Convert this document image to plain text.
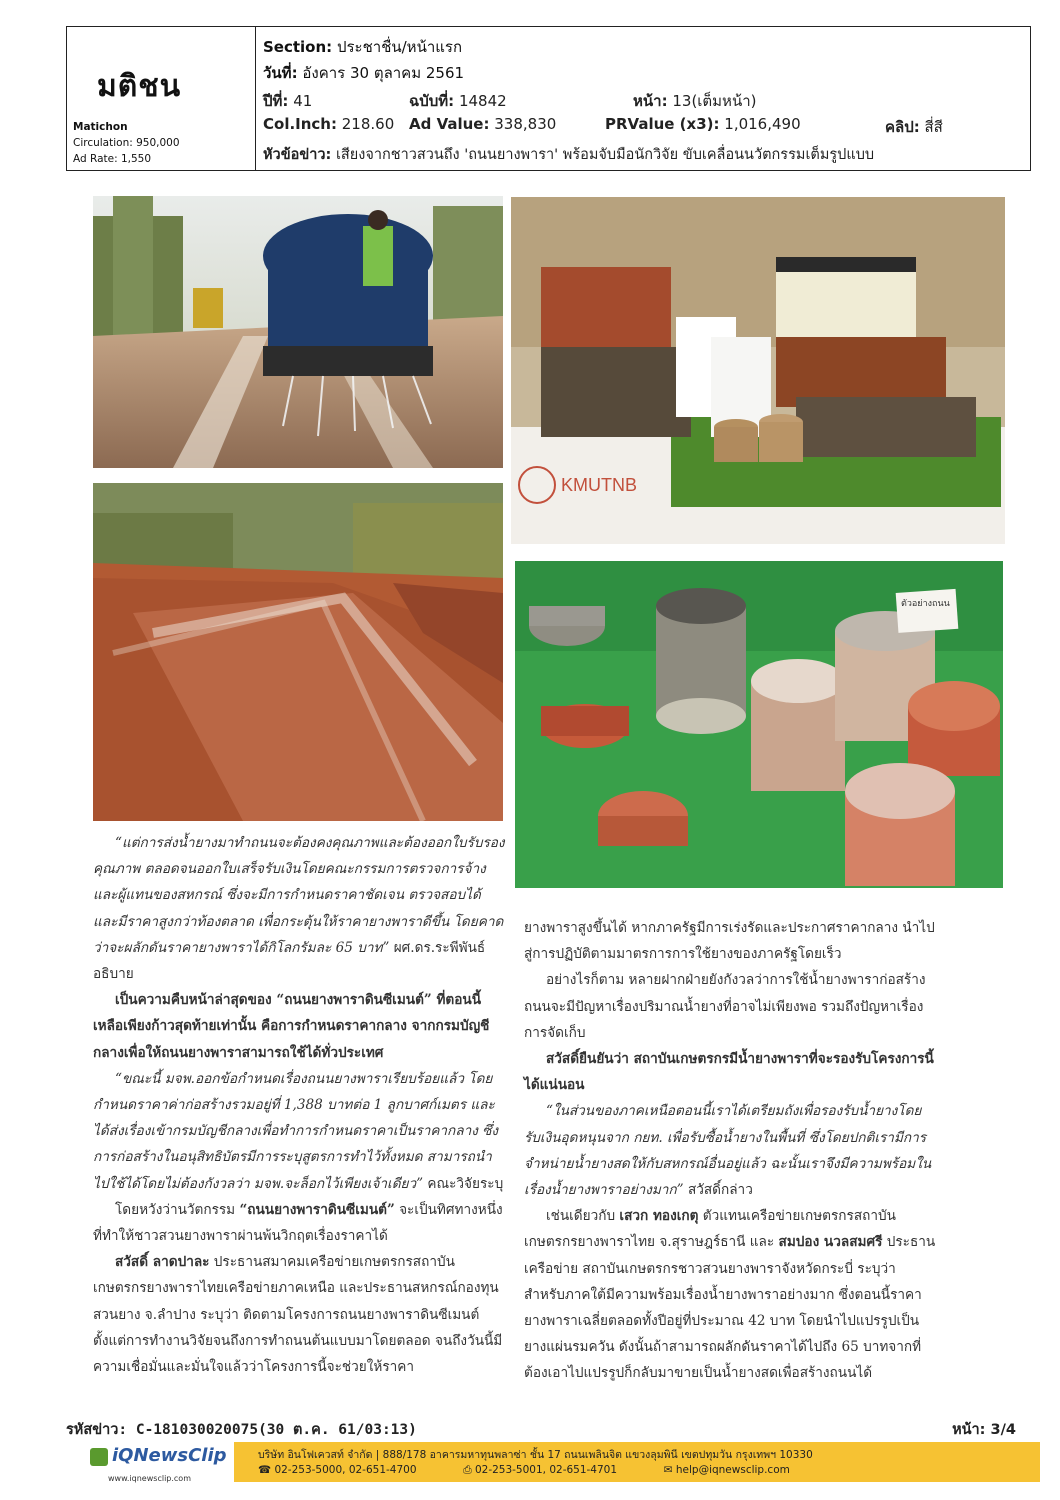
มติชน
Matichon
Circulation: 950,000
Ad Rate: 1,550
Section: ประชาชื่น/หน้าแรก
วันที่: อังคาร 30 ตุลาคม 2561
ปีที่: 41	ฉบับที่: 14842	หน้า: 13(เต็มหน้า)
Col.Inch: 218.60 Ad Value: 338,830	PRValue (x3): 1,016,490	คลิป: สี่สี
หัวข้อข่าว: เสียงจากชาวสวนถึง 'ถนนยางพารา' พร้อมจับมือนักวิจัย ขับเคลื่อนนวัตกรรมเต็มรูปแบบ
KMUTNB
ตัวอย่างถนน

“แต่การส่งน้ำยางมาทำถนนจะต้องคงคุณภาพและต้องออกใบรับรองคุณภาพ ตลอดจนออกใบเสร็จรับเงินโดยคณะกรรมการตรวจการจ้างและผู้แทนของสหกรณ์ ซึ่งจะมีการกำหนดราคาชัดเจน ตรวจสอบได้ และมีราคาสูงกว่าท้องตลาด เพื่อกระตุ้นให้ราคายางพาราดีขึ้น โดยคาดว่าจะผลักดันราคายางพาราได้กิโลกรัมละ 65 บาท” ผศ.ดร.ระพีพันธ์อธิบาย

เป็นความคืบหน้าล่าสุดของ “ถนนยางพาราดินซีเมนต์” ที่ตอนนี้เหลือเพียงก้าวสุดท้ายเท่านั้น คือการกำหนดราคากลาง จากกรมบัญชีกลางเพื่อให้ถนนยางพาราสามารถใช้ได้ทั่วประเทศ

“ขณะนี้ มจพ.ออกข้อกำหนดเรื่องถนนยางพาราเรียบร้อยแล้ว โดยกำหนดราคาค่าก่อสร้างรวมอยู่ที่ 1,388 บาทต่อ 1 ลูกบาศก์เมตร และได้ส่งเรื่องเข้ากรมบัญชีกลางเพื่อทำการกำหนดราคาเป็นราคากลาง ซึ่งการก่อสร้างในอนุสิทธิบัตรมีการระบุสูตรการทำไว้ทั้งหมด สามารถนำไปใช้ได้โดยไม่ต้องกังวลว่า มจพ.จะล็อกไว้เพียงเจ้าเดียว” คณะวิจัยระบุ

โดยหวังว่านวัตกรรม “ถนนยางพาราดินซีเมนต์” จะเป็นทิศทางหนึ่งที่ทำให้ชาวสวนยางพาราผ่านพ้นวิกฤตเรื่องราคาได้

สวัสดิ์ ลาดปาละ ประธานสมาคมเครือข่ายเกษตรกรสถาบันเกษตรกรยางพาราไทยเครือข่ายภาคเหนือ และประธานสหกรณ์กองทุนสวนยาง จ.ลำปาง ระบุว่า ติดตามโครงการถนนยางพาราดินซีเมนต์ ตั้งแต่การทำงานวิจัยจนถึงการทำถนนต้นแบบมาโดยตลอด จนถึงวันนี้มีความเชื่อมั่นและมั่นใจแล้วว่าโครงการนี้จะช่วยให้ราคา

ยางพาราสูงขึ้นได้ หากภาครัฐมีการเร่งรัดและประกาศราคากลาง นำไปสู่การปฏิบัติตามมาตรการการใช้ยางของภาครัฐโดยเร็ว

อย่างไรก็ตาม หลายฝากฝ่ายยังกังวลว่าการใช้น้ำยางพาราก่อสร้างถนนจะมีปัญหาเรื่องปริมาณน้ำยางที่อาจไม่เพียงพอ รวมถึงปัญหาเรื่องการจัดเก็บ

สวัสดิ์ยืนยันว่า สถาบันเกษตรกรมีน้ำยางพาราที่จะรองรับโครงการนี้ได้แน่นอน

“ในส่วนของภาคเหนือตอนนี้เราได้เตรียมถังเพื่อรองรับน้ำยางโดยรับเงินอุดหนุนจาก กยท. เพื่อรับซื้อน้ำยางในพื้นที่ ซึ่งโดยปกติเรามีการจำหน่ายน้ำยางสดให้กับสหกรณ์อื่นอยู่แล้ว ฉะนั้นเราจึงมีความพร้อมในเรื่องน้ำยางพาราอย่างมาก” สวัสดิ์กล่าว

เช่นเดียวกับ เสวก ทองเกตุ ตัวแทนเครือข่ายเกษตรกรสถาบันเกษตรกรยางพาราไทย จ.สุราษฎร์ธานี และ สมปอง นวลสมศรี ประธานเครือข่าย สถาบันเกษตรกรชาวสวนยางพาราจังหวัดกระบี่ ระบุว่า สำหรับภาคใต้มีความพร้อมเรื่องน้ำยางพาราอย่างมาก ซึ่งตอนนี้ราคายางพาราเฉลี่ยตลอดทั้งปีอยู่ที่ประมาณ 42 บาท โดยนำไปแปรรูปเป็นยางแผ่นรมควัน ดังนั้นถ้าสามารถผลักดันราคาได้ไปถึง 65 บาทจากที่ต้องเอาไปแปรรูปก็กลับมาขายเป็นน้ำยางสดเพื่อสร้างถนนได้

รหัสข่าว: C-181030020075(30 ต.ค. 61/03:13)	หน้า: 3/4
iQNewsClip
www.iqnewsclip.com
บริษัท อินโฟเควสท์ จำกัด | 888/178 อาคารมหาทุนพลาซ่า ชั้น 17 ถนนเพลินจิต แขวงลุมพินี เขตปทุมวัน กรุงเทพฯ 10330
☎ 02-253-5000, 02-651-4700	⎙ 02-253-5001, 02-651-4701	✉ help@iqnewsclip.com
